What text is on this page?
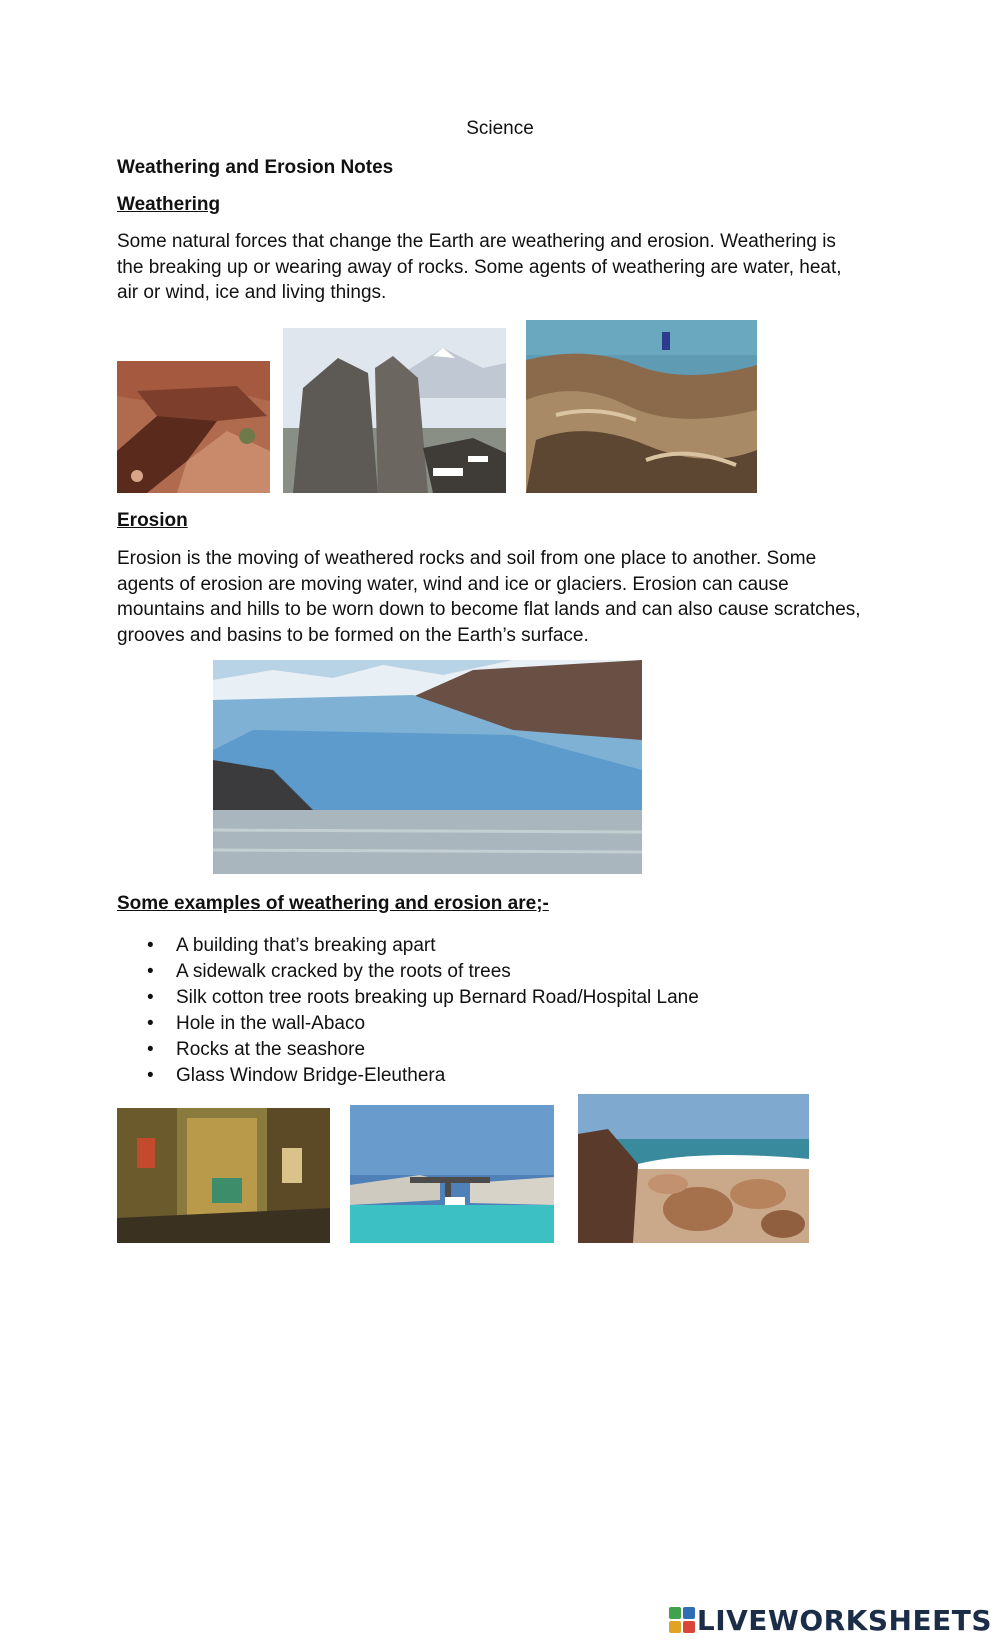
Science
Weathering and Erosion Notes
Weathering
Some natural forces that change the Earth are weathering and erosion. Weathering is
the breaking up or wearing away of rocks. Some agents of weathering are water, heat,
air or wind, ice and living things.
Erosion
Erosion is the moving of weathered rocks and soil from one place to another. Some
agents of erosion are moving water, wind and ice or glaciers. Erosion can cause
mountains and hills to be worn down to become flat lands and can also cause scratches,
grooves and basins to be formed on the Earth’s surface.
Some examples of weathering and erosion are;-
• A building that’s breaking apart
• A sidewalk cracked by the roots of trees
• Silk cotton tree roots breaking up Bernard Road/Hospital Lane
• Hole in the wall-Abaco
• Rocks at the seashore
• Glass Window Bridge-Eleuthera
LIVEWORKSHEETS
